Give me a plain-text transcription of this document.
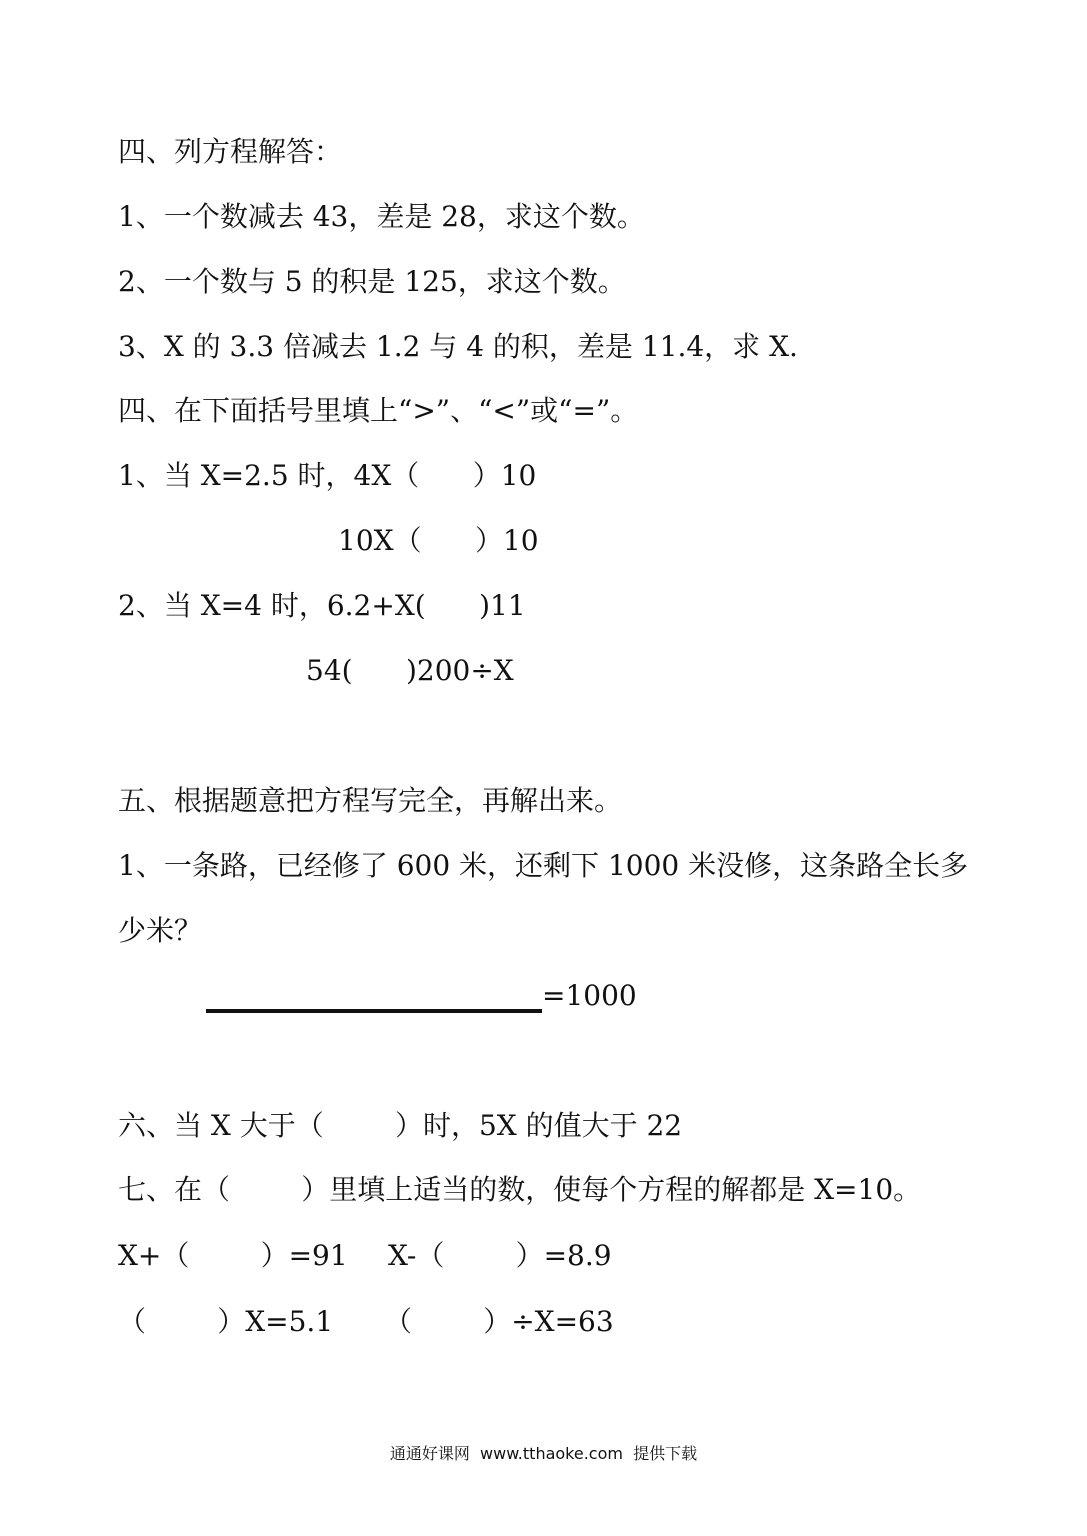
四、列方程解答：
1、一个数减去 43，差是 28，求这个数。
2、一个数与 5 的积是 125，求这个数。
3、X 的 3.3 倍减去 1.2 与 4 的积，差是 11.4，求 X.
四、在下面括号里填上“>”、“<”或“=”。
1、当 X=2.5 时，4X（      ）10
10X（      ）10
2、当 X=4 时，6.2+X(      )11
54(      )200÷X
五、根据题意把方程写完全，再解出来。
1、一条路，已经修了 600 米，还剩下 1000 米没修，这条路全长多
少米？
=1000
六、当 X 大于（        ）时，5X 的值大于 22
七、在（        ）里填上适当的数，使每个方程的解都是 X=10。
X+（        ）=91 X-（        ）=8.9
（        ）X=5.1 （        ）÷X=63
通通好课网  www.tthaoke.com  提供下载
